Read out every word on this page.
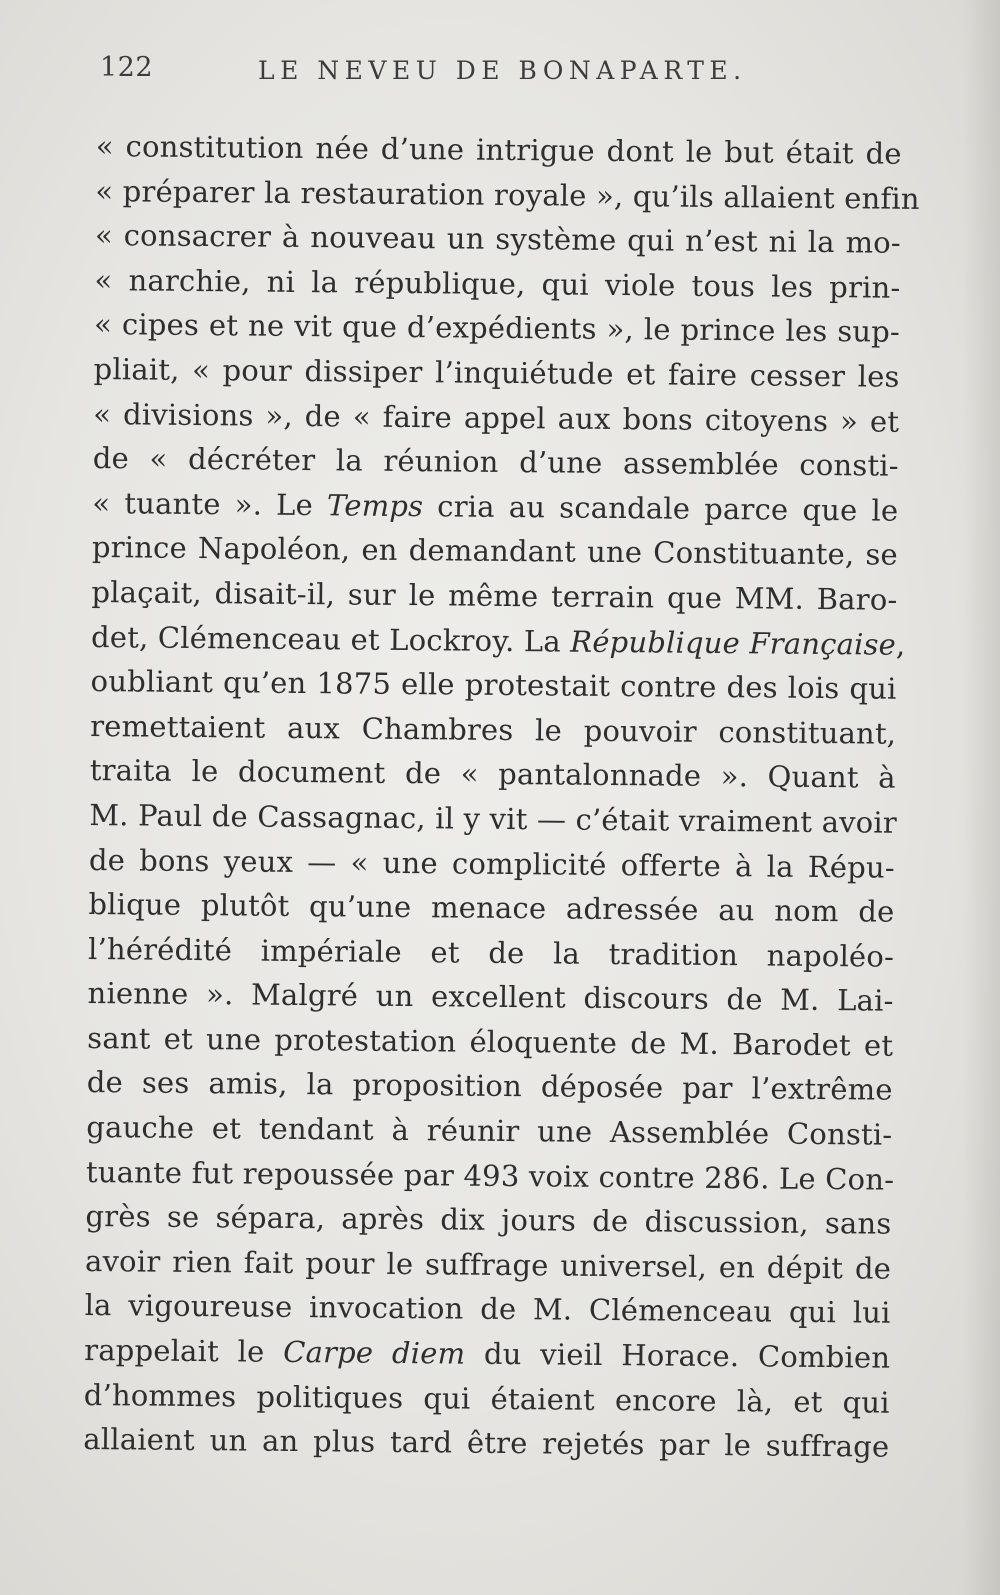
122	LE NEVEU DE BONAPARTE.
« constitution née d’une intrigue dont le but était de
« préparer la restauration royale », qu’ils allaient enfin
« consacrer à nouveau un système qui n’est ni la mo-
« narchie, ni la république, qui viole tous les prin-
« cipes et ne vit que d’expédients », le prince les sup-
pliait, « pour dissiper l’inquiétude et faire cesser les
« divisions », de « faire appel aux bons citoyens » et
de « décréter la réunion d’une assemblée consti-
« tuante ». Le Temps cria au scandale parce que le
prince Napoléon, en demandant une Constituante, se
plaçait, disait-il, sur le même terrain que MM. Baro-
det, Clémenceau et Lockroy. La République Française,
oubliant qu’en 1875 elle protestait contre des lois qui
remettaient aux Chambres le pouvoir constituant,
traita le document de « pantalonnade ». Quant à
M. Paul de Cassagnac, il y vit — c’était vraiment avoir
de bons yeux — « une complicité offerte à la Répu-
blique plutôt qu’une menace adressée au nom de
l’hérédité impériale et de la tradition napoléo-
nienne ». Malgré un excellent discours de M. Lai-
sant et une protestation éloquente de M. Barodet et
de ses amis, la proposition déposée par l’extrême
gauche et tendant à réunir une Assemblée Consti-
tuante fut repoussée par 493 voix contre 286. Le Con-
grès se sépara, après dix jours de discussion, sans
avoir rien fait pour le suffrage universel, en dépit de
la vigoureuse invocation de M. Clémenceau qui lui
rappelait le Carpe diem du vieil Horace. Combien
d’hommes politiques qui étaient encore là, et qui
allaient un an plus tard être rejetés par le suffrage
